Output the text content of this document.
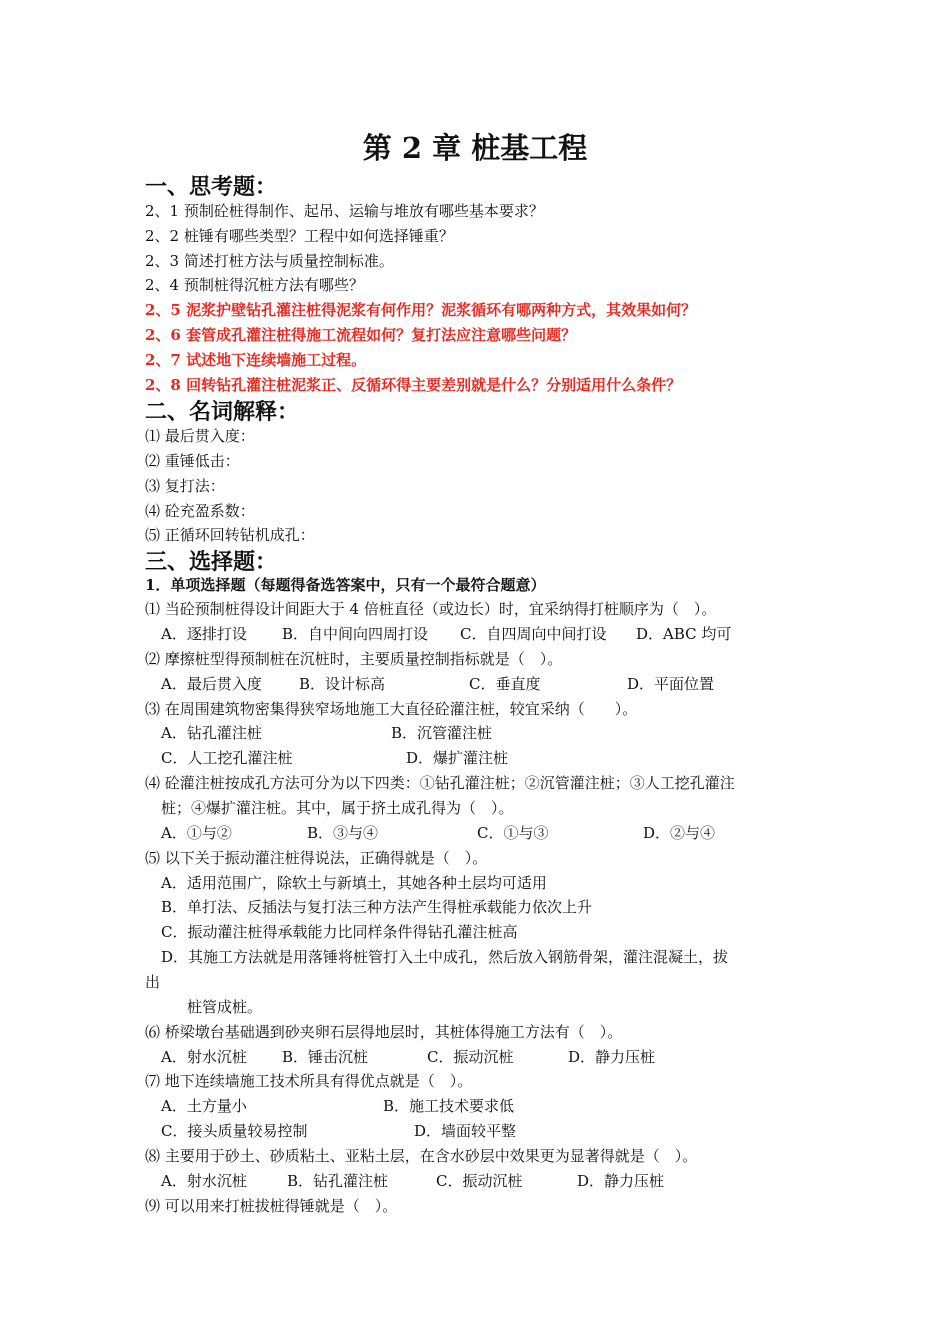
第 2 章 桩基工程
一、思考题：
2、1 预制砼桩得制作、起吊、运输与堆放有哪些基本要求？
2、2 桩锤有哪些类型？工程中如何选择锤重？
2、3 简述打桩方法与质量控制标准。
2、4 预制桩得沉桩方法有哪些？
2、5 泥浆护壁钻孔灌注桩得泥浆有何作用？泥浆循环有哪两种方式，其效果如何？
2、6 套管成孔灌注桩得施工流程如何？复打法应注意哪些问题？
2、7 试述地下连续墙施工过程。
2、8 回转钻孔灌注桩泥浆正、反循环得主要差别就是什么？分别适用什么条件？
二、名词解释：
⑴ 最后贯入度：
⑵ 重锤低击：
⑶ 复打法：
⑷ 砼充盈系数：
⑸ 正循环回转钻机成孔：
三、选择题：
1．单项选择题（每题得备选答案中，只有一个最符合题意）
⑴ 当砼预制桩得设计间距大于 4 倍桩直径（或边长）时，宜采纳得打桩顺序为（　）。
A．逐排打设 B．自中间向四周打设 C．自四周向中间打设 D．ABC 均可
⑵ 摩擦桩型得预制桩在沉桩时，主要质量控制指标就是（　）。
A．最后贯入度 B．设计标高	C．垂直度	D．平面位置
⑶ 在周围建筑物密集得狭窄场地施工大直径砼灌注桩，较宜采纳（　　）。
A．钻孔灌注桩	B．沉管灌注桩
C．人工挖孔灌注桩	D．爆扩灌注桩
⑷ 砼灌注桩按成孔方法可分为以下四类：①钻孔灌注桩；②沉管灌注桩；③人工挖孔灌注
桩；④爆扩灌注桩。其中，属于挤土成孔得为（　）。
A．①与②	B．③与④	C．①与③	D．②与④
⑸ 以下关于振动灌注桩得说法，正确得就是（　）。
A．适用范围广，除软土与新填土，其她各种土层均可适用
B．单打法、反插法与复打法三种方法产生得桩承载能力依次上升
C．振动灌注桩得承载能力比同样条件得钻孔灌注桩高
D．其施工方法就是用落锤将桩管打入土中成孔，然后放入钢筋骨架，灌注混凝土，拔
出
桩管成桩。
⑹ 桥梁墩台基础遇到砂夹卵石层得地层时，其桩体得施工方法有（　）。
A．射水沉桩 B．锤击沉桩	C．振动沉桩	D．静力压桩
⑺ 地下连续墙施工技术所具有得优点就是（　）。
A．土方量小	B．施工技术要求低
C．接头质量较易控制	D．墙面较平整
⑻ 主要用于砂土、砂质粘土、亚粘土层，在含水砂层中效果更为显著得就是（　）。
A．射水沉桩	B．钻孔灌注桩	C．振动沉桩	D．静力压桩
⑼ 可以用来打桩拔桩得锤就是（　）。
